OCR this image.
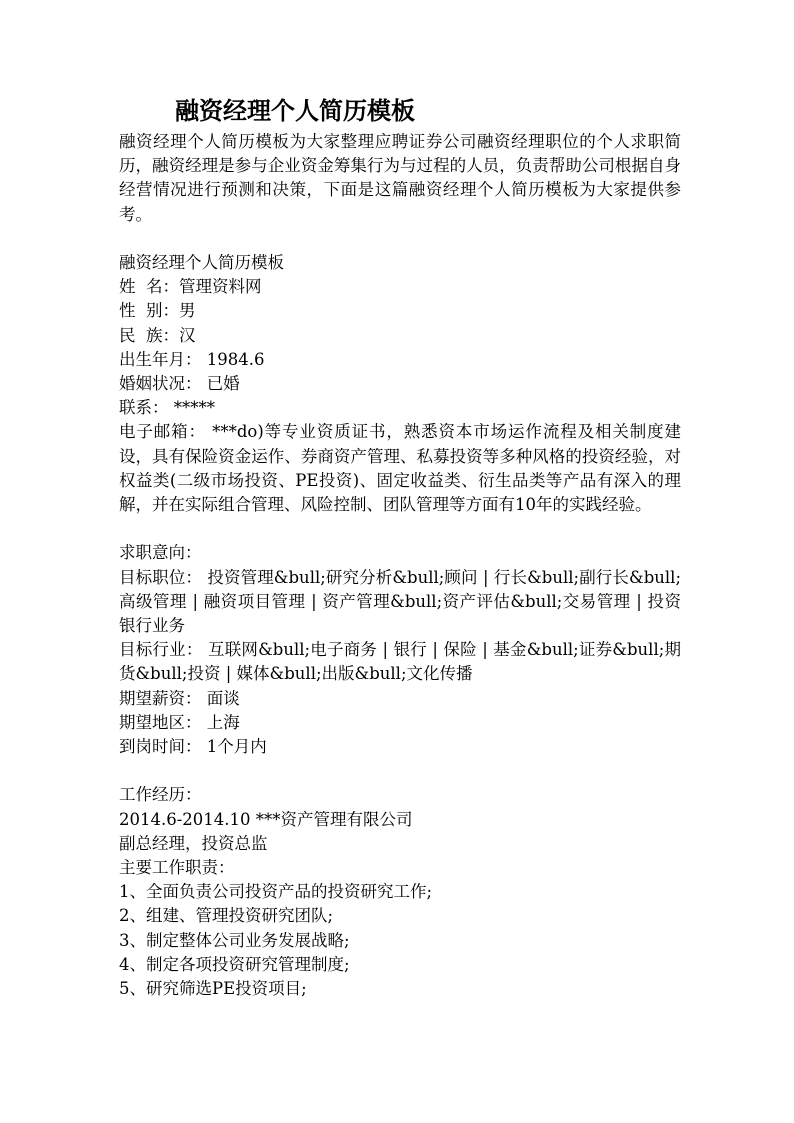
融资经理个人简历模板

融资经理个人简历模板为大家整理应聘证券公司融资经理职位的个人求职简历，融资经理是参与企业资金筹集行为与过程的人员，负责帮助公司根据自身经营情况进行预测和决策，下面是这篇融资经理个人简历模板为大家提供参考。

融资经理个人简历模板

姓  名：管理资料网

性  别：男

民  族：汉

出生年月： 1984.6

婚姻状况： 已婚

联系： *****

电子邮箱： ***do)等专业资质证书，熟悉资本市场运作流程及相关制度建设，具有保险资金运作、券商资产管理、私募投资等多种风格的投资经验，对权益类(二级市场投资、PE投资)、固定收益类、衍生品类等产品有深入的理解，并在实际组合管理、风险控制、团队管理等方面有10年的实践经验。

求职意向：

目标职位： 投资管理&bull;研究分析&bull;顾问 | 行长&bull;副行长&bull;高级管理 | 融资项目管理 | 资产管理&bull;资产评估&bull;交易管理 | 投资银行业务

目标行业： 互联网&bull;电子商务 | 银行 | 保险 | 基金&bull;证券&bull;期货&bull;投资 | 媒体&bull;出版&bull;文化传播

期望薪资： 面谈

期望地区： 上海

到岗时间： 1个月内

工作经历：

2014.6-2014.10 ***资产管理有限公司

副总经理，投资总监

主要工作职责：

1、全面负责公司投资产品的投资研究工作;

2、组建、管理投资研究团队;

3、制定整体公司业务发展战略;

4、制定各项投资研究管理制度;

5、研究筛选PE投资项目;
